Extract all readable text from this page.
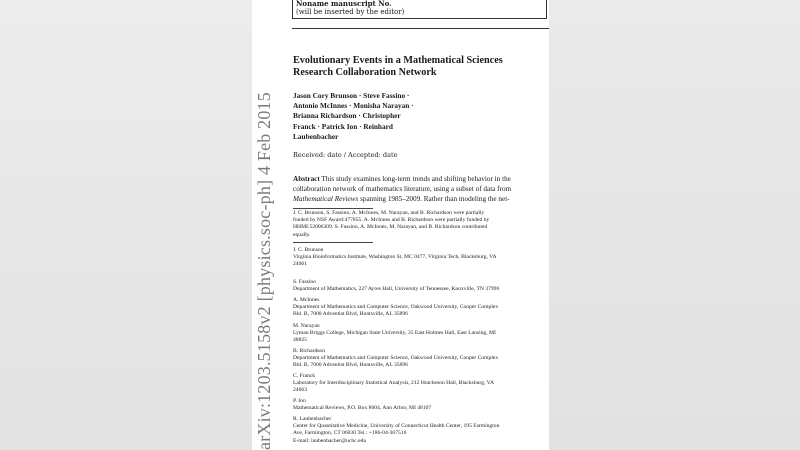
arXiv:1203.5158v2 [physics.soc-ph] 4 Feb 2015
Noname manuscript No.
(will be inserted by the editor)
Evolutionary Events in a Mathematical Sciences
Research Collaboration Network
Jason Cory Brunson · Steve Fassino ·
Antonio McInnes · Monisha Narayan ·
Brianna Richardson · Christopher
Franck · Patrick Ion · Reinhard
Laubenbacher
Received: date / Accepted: date
Abstract This study examines long-term trends and shifting behavior in the
collaboration network of mathematics literature, using a subset of data from
Mathematical Reviews spanning 1985–2009. Rather than modeling the net-
J. C. Brunson, S. Fassino, A. McInnes, M. Narayan, and B. Richardson were partially
funded by NSF Award:477855. A. McInnes and B. Richardson were partially funded by
HHMI:52006309. S. Fassino, A. McInnes, M. Narayan, and B. Richardson contributed
equally.
J. C. Brunson
Virginia Bioinformatics Institute, Washington St, MC 0477, Virginia Tech, Blacksburg, VA
24061
S. Fassino
Department of Mathematics, 227 Ayres Hall, University of Tennessee, Knoxville, TN 37996
A. McInnes
Department of Mathematics and Computer Science, Oakwood University, Cooper Complex
Bld. B, 7000 Adventist Blvd, Huntsville, AL 35896
M. Narayan
Lyman Briggs College, Michigan State University, 35 East Holmes Hall, East Lansing, MI
48825
B. Richardson
Department of Mathematics and Computer Science, Oakwood University, Cooper Complex
Bld. B, 7000 Adventist Blvd, Huntsville, AL 35896
C. Franck
Laboratory for Interdisciplinary Statistical Analysis, 212 Hutcheson Hall, Blacksburg, VA
24063
P. Ion
Mathematical Reviews, P.O. Box 8604, Ann Arbor, MI 48107
R. Laubenbacher
Center for Quantitative Medicine, University of Connecticut Health Center, 195 Farmington
Ave, Farmington, CT 06030 Tel.: +186-04-367516
E-mail: laubenbacher@uchc.edu
